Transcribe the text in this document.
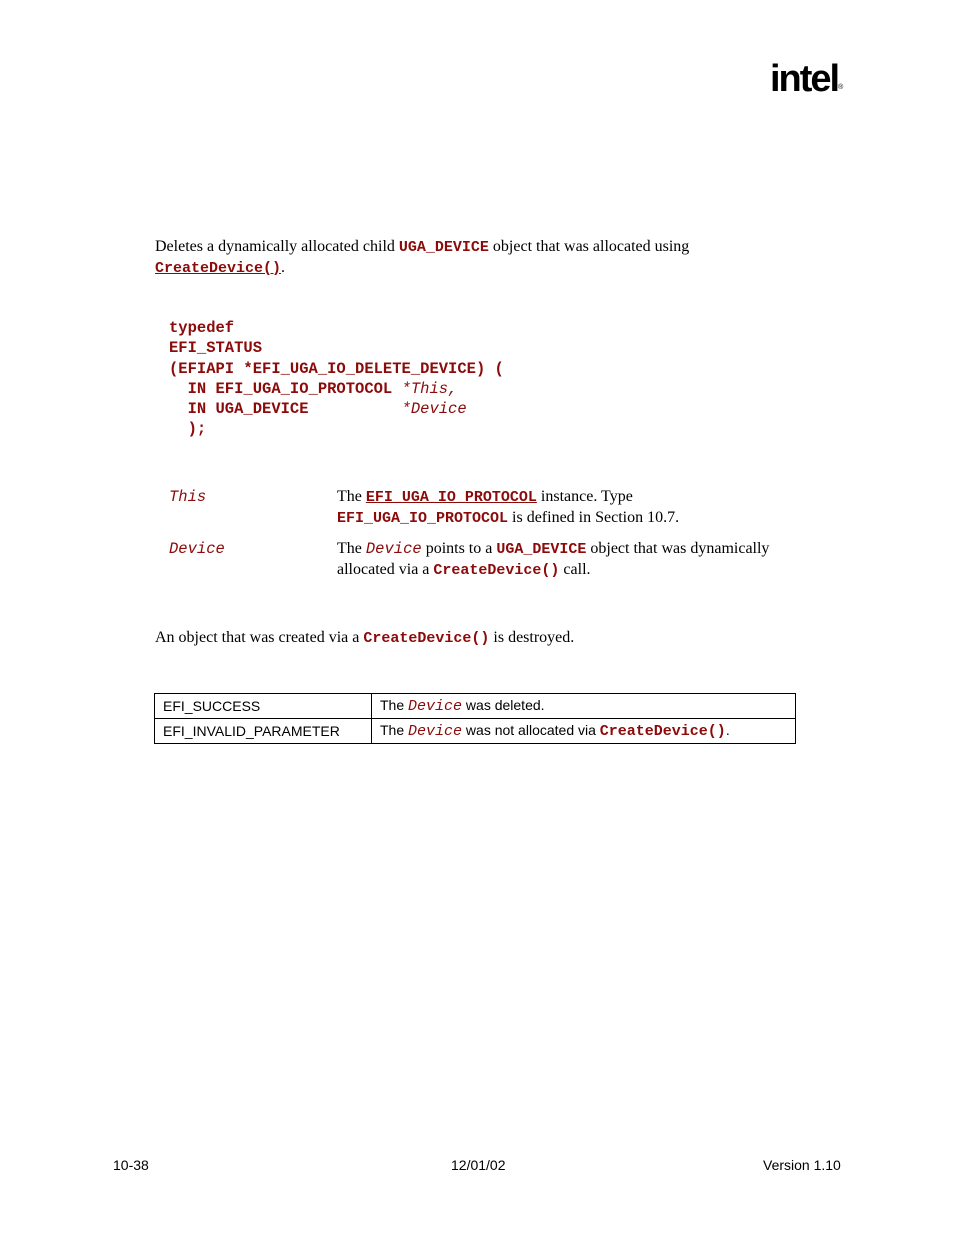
intel®
Deletes a dynamically allocated child UGA_DEVICE object that was allocated using
CreateDevice().
typedef
EFI_STATUS
(EFIAPI *EFI_UGA_IO_DELETE_DEVICE) (
IN EFI_UGA_IO_PROTOCOL *This,
IN UGA_DEVICE          *Device
);
This	The EFI_UGA_IO_PROTOCOL instance. Type
EFI_UGA_IO_PROTOCOL is defined in Section 10.7.
Device	The Device points to a UGA_DEVICE object that was dynamically
allocated via a CreateDevice() call.
An object that was created via a CreateDevice() is destroyed.
EFI_SUCCESS	The Device was deleted.
EFI_INVALID_PARAMETER	The Device was not allocated via CreateDevice().
10-38	12/01/02	Version 1.10
